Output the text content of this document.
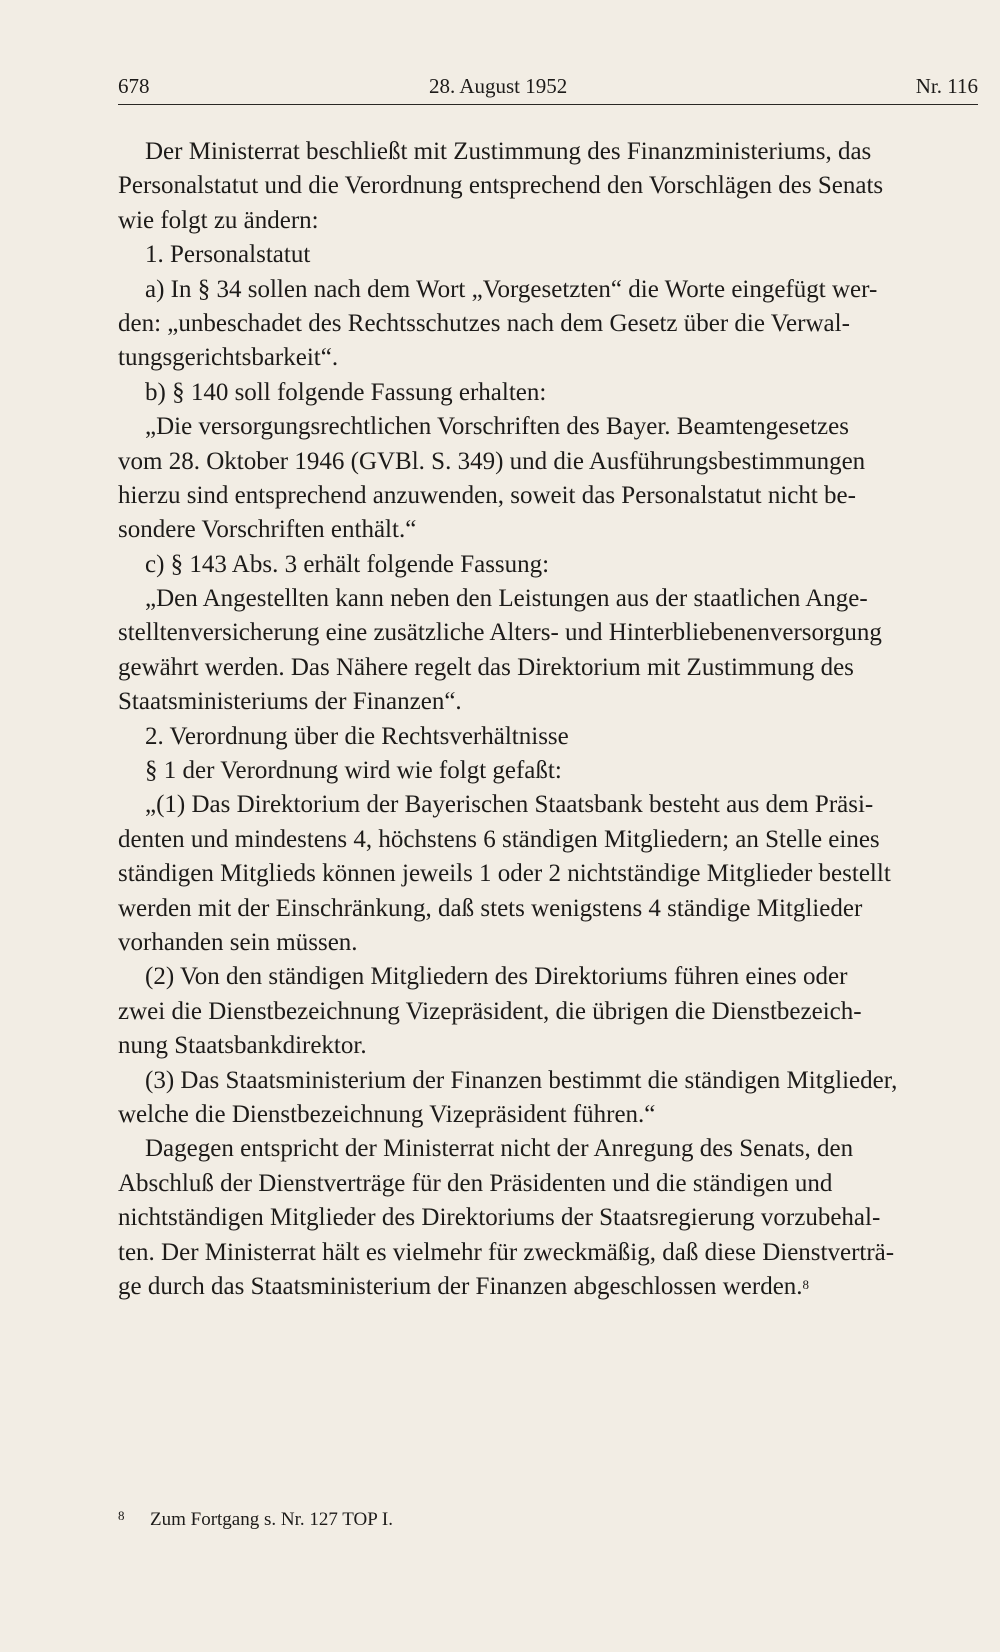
678	28. August 1952	Nr. 116
Der Ministerrat beschließt mit Zustimmung des Finanzministeriums, das
Personalstatut und die Verordnung entsprechend den Vorschlägen des Senats
wie folgt zu ändern:
1. Personalstatut
a) In § 34 sollen nach dem Wort „Vorgesetzten“ die Worte eingefügt wer-
den: „unbeschadet des Rechtsschutzes nach dem Gesetz über die Verwal-
tungsgerichtsbarkeit“.
b) § 140 soll folgende Fassung erhalten:
„Die versorgungsrechtlichen Vorschriften des Bayer. Beamtengesetzes
vom 28. Oktober 1946 (GVBl. S. 349) und die Ausführungsbestimmungen
hierzu sind entsprechend anzuwenden, soweit das Personalstatut nicht be-
sondere Vorschriften enthält.“
c) § 143 Abs. 3 erhält folgende Fassung:
„Den Angestellten kann neben den Leistungen aus der staatlichen Ange-
stelltenversicherung eine zusätzliche Alters- und Hinterbliebenenversorgung
gewährt werden. Das Nähere regelt das Direktorium mit Zustimmung des
Staatsministeriums der Finanzen“.
2. Verordnung über die Rechtsverhältnisse
§ 1 der Verordnung wird wie folgt gefaßt:
„(1) Das Direktorium der Bayerischen Staatsbank besteht aus dem Präsi-
denten und mindestens 4, höchstens 6 ständigen Mitgliedern; an Stelle eines
ständigen Mitglieds können jeweils 1 oder 2 nichtständige Mitglieder bestellt
werden mit der Einschränkung, daß stets wenigstens 4 ständige Mitglieder
vorhanden sein müssen.
(2) Von den ständigen Mitgliedern des Direktoriums führen eines oder
zwei die Dienstbezeichnung Vizepräsident, die übrigen die Dienstbezeich-
nung Staatsbankdirektor.
(3) Das Staatsministerium der Finanzen bestimmt die ständigen Mitglieder,
welche die Dienstbezeichnung Vizepräsident führen.“
Dagegen entspricht der Ministerrat nicht der Anregung des Senats, den
Abschluß der Dienstverträge für den Präsidenten und die ständigen und
nichtständigen Mitglieder des Direktoriums der Staatsregierung vorzubehal-
ten. Der Ministerrat hält es vielmehr für zweckmäßig, daß diese Dienstverträ-
ge durch das Staatsministerium der Finanzen abgeschlossen werden.$^8$
8 Zum Fortgang s. Nr. 127 TOP I.
